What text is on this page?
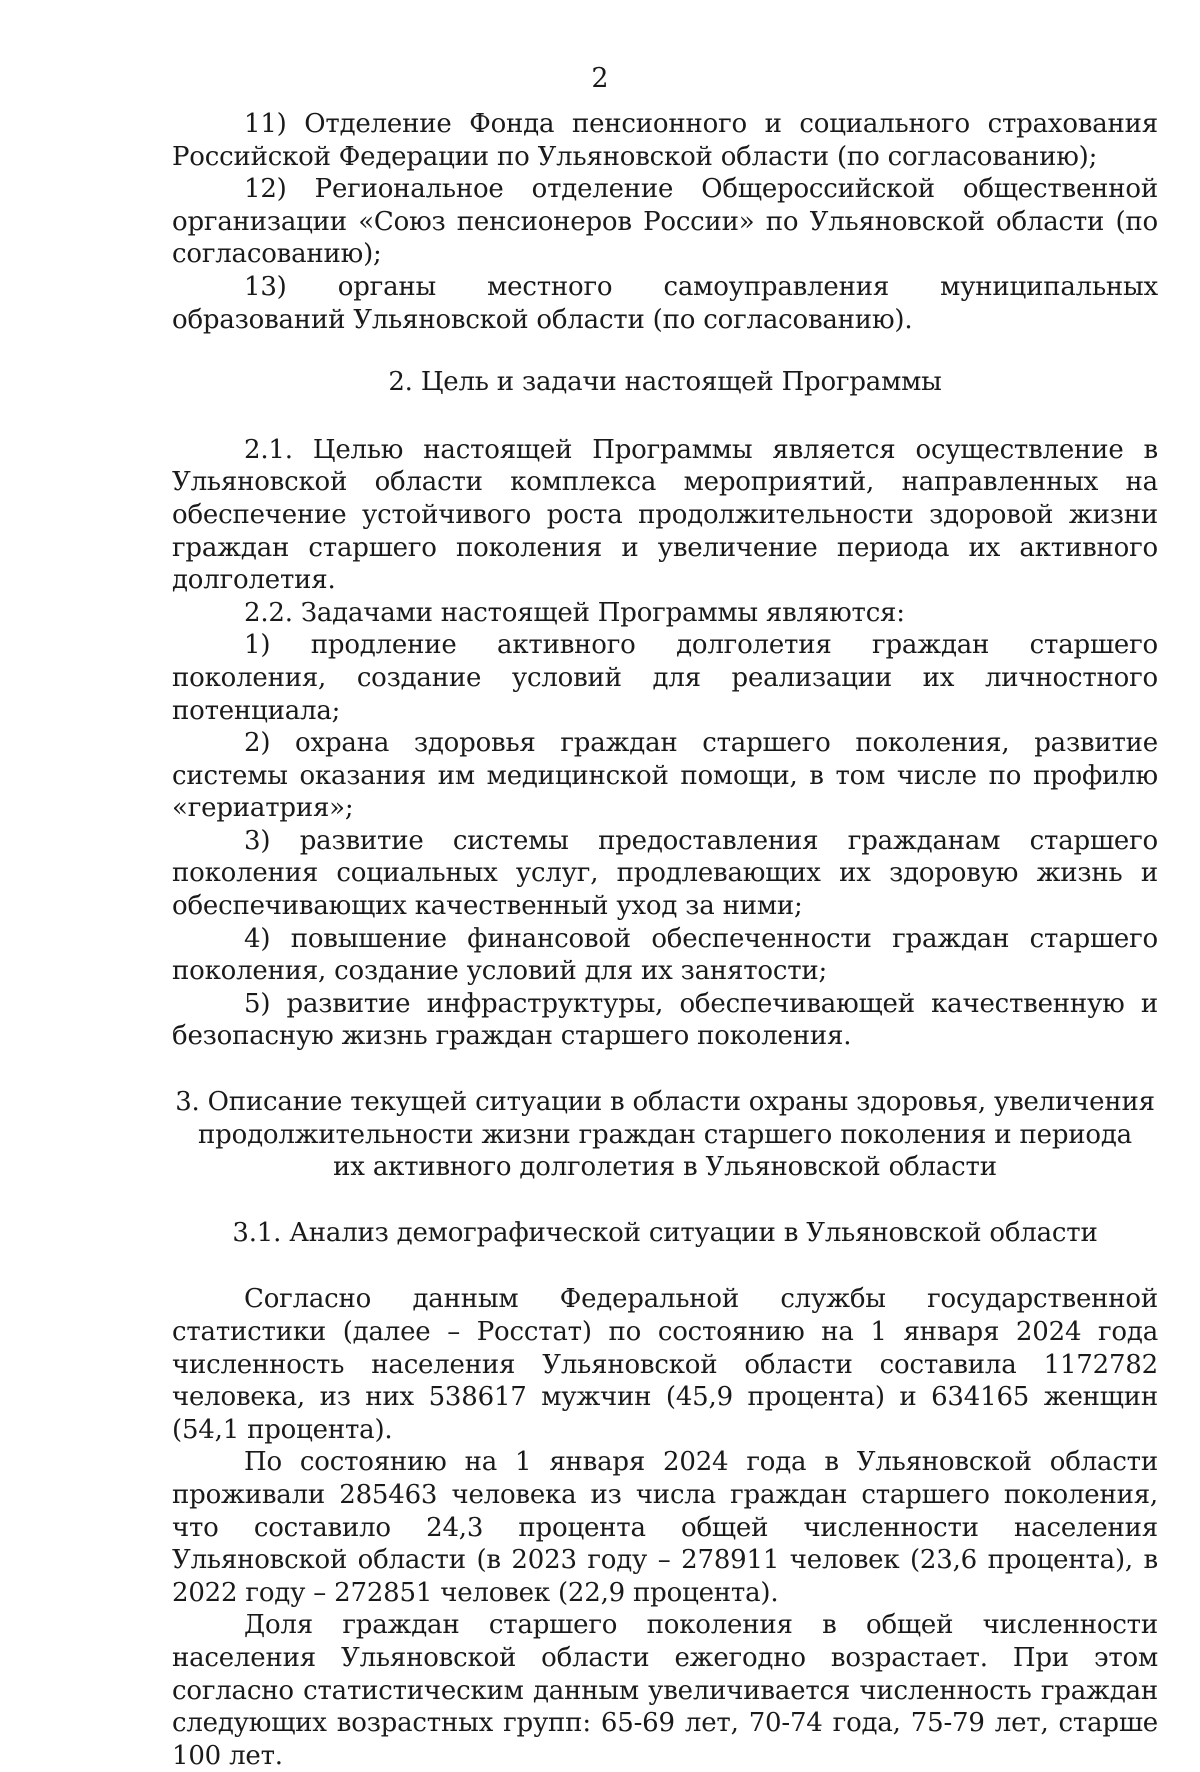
2

11) Отделение Фонда пенсионного и социального страхования Российской Федерации по Ульяновской области (по согласованию);

12) Региональное отделение Общероссийской общественной организации «Союз пенсионеров России» по Ульяновской области (по согласованию);

13) органы местного самоуправления муниципальных образований Ульяновской области (по согласованию).

2. Цель и задачи настоящей Программы

2.1. Целью настоящей Программы является осуществление в Ульяновской области комплекса мероприятий, направленных на обеспечение устойчивого роста продолжительности здоровой жизни граждан старшего поколения и увеличение периода их активного долголетия.

2.2. Задачами настоящей Программы являются:

1) продление активного долголетия граждан старшего поколения, создание условий для реализации их личностного потенциала;

2) охрана здоровья граждан старшего поколения, развитие системы оказания им медицинской помощи, в том числе по профилю «гериатрия»;

3) развитие системы предоставления гражданам старшего поколения социальных услуг, продлевающих их здоровую жизнь и обеспечивающих качественный уход за ними;

4) повышение финансовой обеспеченности граждан старшего поколения, создание условий для их занятости;

5) развитие инфраструктуры, обеспечивающей качественную и безопасную жизнь граждан старшего поколения.

3. Описание текущей ситуации в области охраны здоровья, увеличения

продолжительности жизни граждан старшего поколения и периода

их активного долголетия в Ульяновской области

3.1. Анализ демографической ситуации в Ульяновской области

Согласно данным Федеральной службы государственной статистики (далее – Росстат) по состоянию на 1 января 2024 года численность населения Ульяновской области составила 1172782 человека, из них 538617 мужчин (45,9 процента) и 634165 женщин (54,1 процента).

По состоянию на 1 января 2024 года в Ульяновской области проживали 285463 человека из числа граждан старшего поколения, что составило 24,3 процента общей численности населения Ульяновской области (в 2023 году – 278911 человек (23,6 процента), в 2022 году – 272851 человек (22,9 процента).

Доля граждан старшего поколения в общей численности населения Ульяновской области ежегодно возрастает. При этом согласно статистическим данным увеличивается численность граждан следующих возрастных групп: 65-69 лет, 70-74 года, 75-79 лет, старше 100 лет.
